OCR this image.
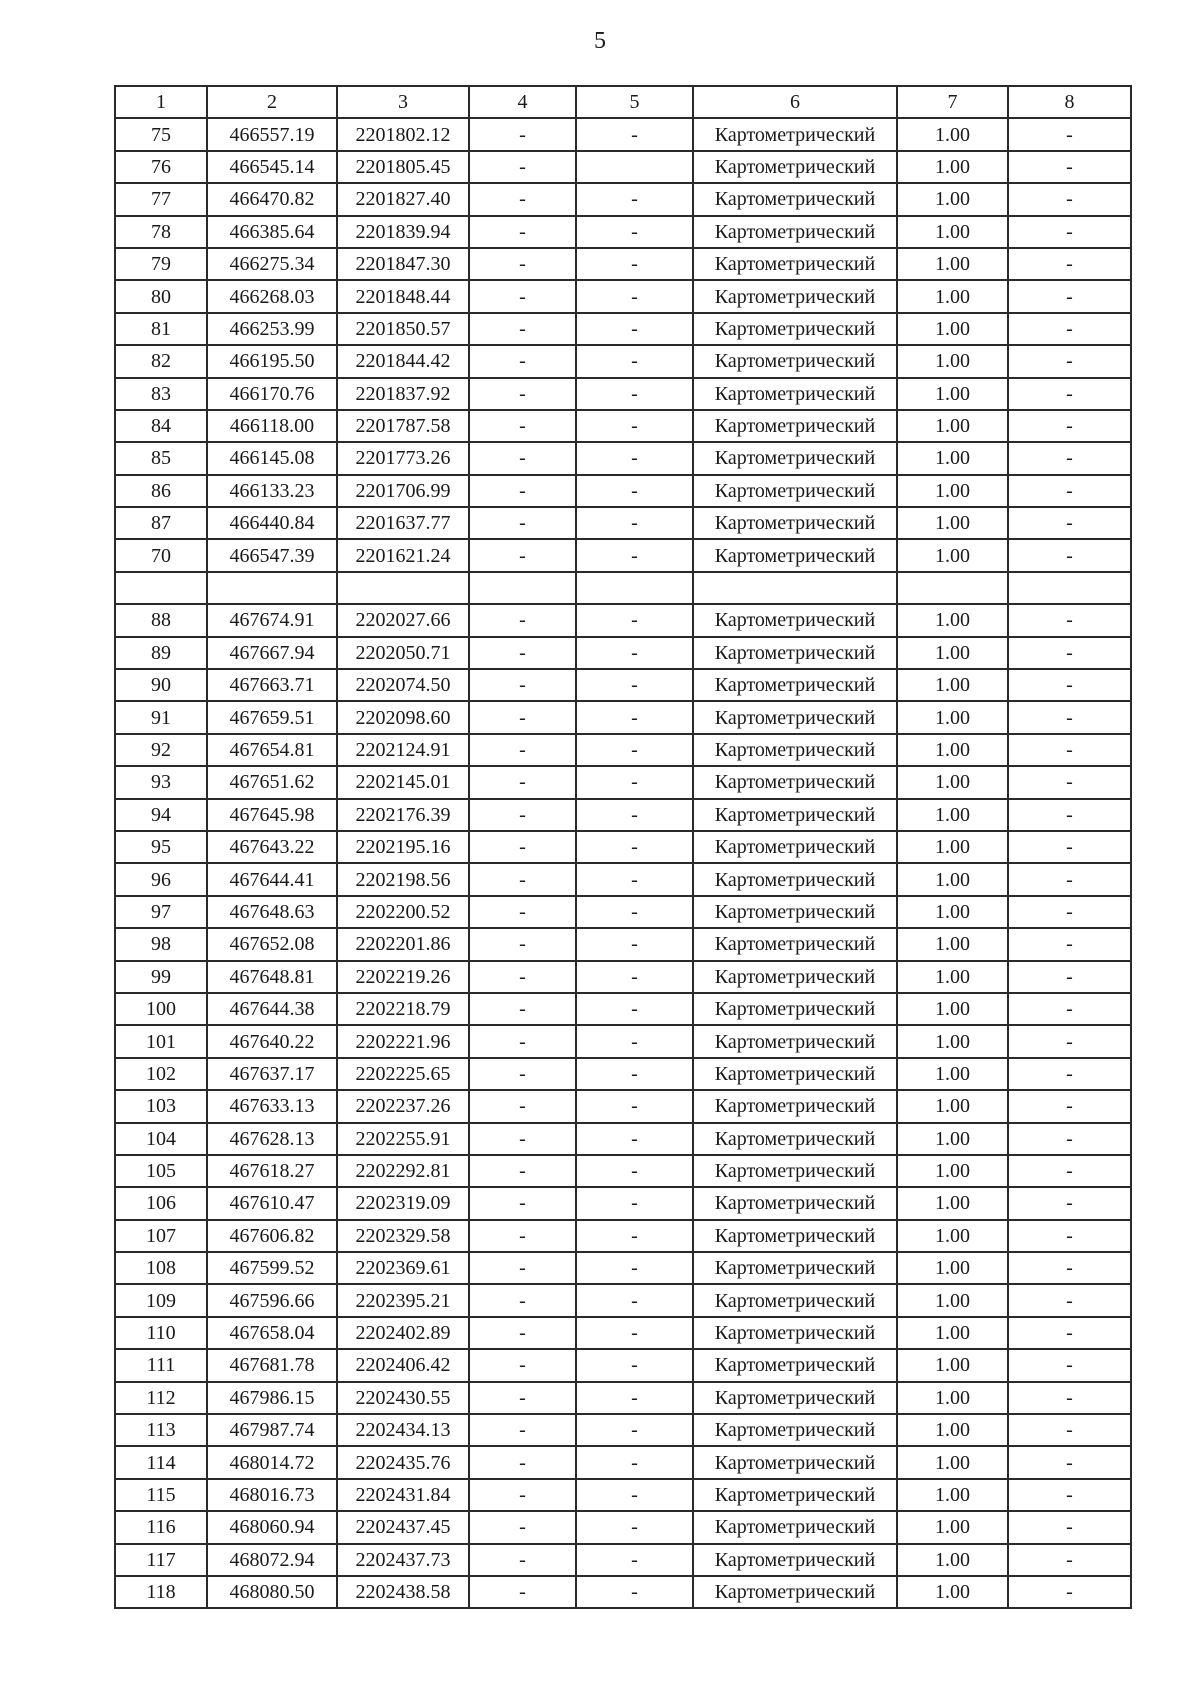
5
1	2	3	4	5	6	7	8
75	466557.19	2201802.12	-	-	Картометрический	1.00	-
76	466545.14	2201805.45	-		Картометрический	1.00	-
77	466470.82	2201827.40	-	-	Картометрический	1.00	-
78	466385.64	2201839.94	-	-	Картометрический	1.00	-
79	466275.34	2201847.30	-	-	Картометрический	1.00	-
80	466268.03	2201848.44	-	-	Картометрический	1.00	-
81	466253.99	2201850.57	-	-	Картометрический	1.00	-
82	466195.50	2201844.42	-	-	Картометрический	1.00	-
83	466170.76	2201837.92	-	-	Картометрический	1.00	-
84	466118.00	2201787.58	-	-	Картометрический	1.00	-
85	466145.08	2201773.26	-	-	Картометрический	1.00	-
86	466133.23	2201706.99	-	-	Картометрический	1.00	-
87	466440.84	2201637.77	-	-	Картометрический	1.00	-
70	466547.39	2201621.24	-	-	Картометрический	1.00	-

88	467674.91	2202027.66	-	-	Картометрический	1.00	-
89	467667.94	2202050.71	-	-	Картометрический	1.00	-
90	467663.71	2202074.50	-	-	Картометрический	1.00	-
91	467659.51	2202098.60	-	-	Картометрический	1.00	-
92	467654.81	2202124.91	-	-	Картометрический	1.00	-
93	467651.62	2202145.01	-	-	Картометрический	1.00	-
94	467645.98	2202176.39	-	-	Картометрический	1.00	-
95	467643.22	2202195.16	-	-	Картометрический	1.00	-
96	467644.41	2202198.56	-	-	Картометрический	1.00	-
97	467648.63	2202200.52	-	-	Картометрический	1.00	-
98	467652.08	2202201.86	-	-	Картометрический	1.00	-
99	467648.81	2202219.26	-	-	Картометрический	1.00	-
100	467644.38	2202218.79	-	-	Картометрический	1.00	-
101	467640.22	2202221.96	-	-	Картометрический	1.00	-
102	467637.17	2202225.65	-	-	Картометрический	1.00	-
103	467633.13	2202237.26	-	-	Картометрический	1.00	-
104	467628.13	2202255.91	-	-	Картометрический	1.00	-
105	467618.27	2202292.81	-	-	Картометрический	1.00	-
106	467610.47	2202319.09	-	-	Картометрический	1.00	-
107	467606.82	2202329.58	-	-	Картометрический	1.00	-
108	467599.52	2202369.61	-	-	Картометрический	1.00	-
109	467596.66	2202395.21	-	-	Картометрический	1.00	-
110	467658.04	2202402.89	-	-	Картометрический	1.00	-
111	467681.78	2202406.42	-	-	Картометрический	1.00	-
112	467986.15	2202430.55	-	-	Картометрический	1.00	-
113	467987.74	2202434.13	-	-	Картометрический	1.00	-
114	468014.72	2202435.76	-	-	Картометрический	1.00	-
115	468016.73	2202431.84	-	-	Картометрический	1.00	-
116	468060.94	2202437.45	-	-	Картометрический	1.00	-
117	468072.94	2202437.73	-	-	Картометрический	1.00	-
118	468080.50	2202438.58	-	-	Картометрический	1.00	-
